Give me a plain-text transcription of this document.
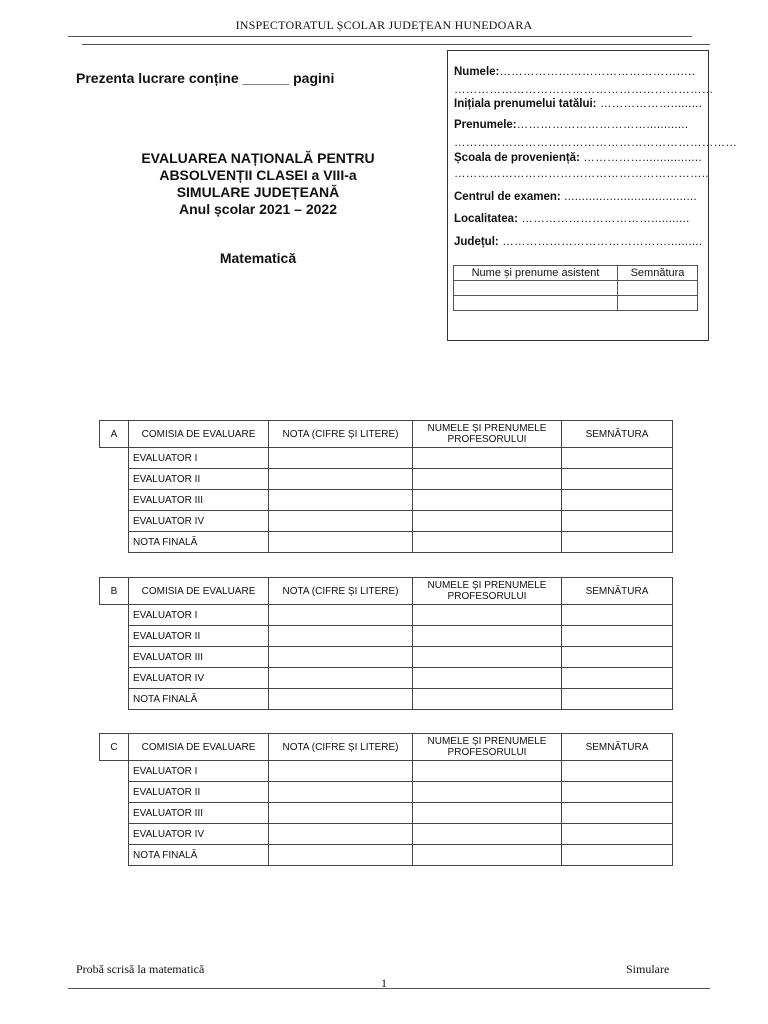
INSPECTORATUL ȘCOLAR JUDEȚEAN HUNEDOARA
Prezenta lucrare conține ______ pagini
EVALUAREA NAȚIONALĂ PENTRU
ABSOLVENȚII CLASEI a VIII-a
SIMULARE JUDEȚEANĂ
Anul școlar 2021 – 2022
Matematică
Numele:…………………………………………..
…………………………………………………………
Inițiala prenumelui tatălui: ……………….........
Prenumele:……………………………............
………………………………………………………………
Școala de proveniență: …………….................
………………………………………………………..
Centrul de examen: ......................................
Localitatea: ……………………………...........
Județul: ……………………………………..........
Nume și prenume asistent	Semnătura

A	COMISIA DE EVALUARE	NOTA (CIFRE ȘI LITERE)	NUMELE ȘI PRENUMELE PROFESORULUI	SEMNĂTURA
	EVALUATOR I			
	EVALUATOR II			
	EVALUATOR III			
	EVALUATOR IV			
	NOTA FINALĂ			
B	COMISIA DE EVALUARE	NOTA (CIFRE ȘI LITERE)	NUMELE ȘI PRENUMELE PROFESORULUI	SEMNĂTURA
	EVALUATOR I			
	EVALUATOR II			
	EVALUATOR III			
	EVALUATOR IV			
	NOTA FINALĂ			
C	COMISIA DE EVALUARE	NOTA (CIFRE ȘI LITERE)	NUMELE ȘI PRENUMELE PROFESORULUI	SEMNĂTURA
	EVALUATOR I			
	EVALUATOR II			
	EVALUATOR III			
	EVALUATOR IV			
	NOTA FINALĂ			
Probă scrisă la matematică	Simulare
1
